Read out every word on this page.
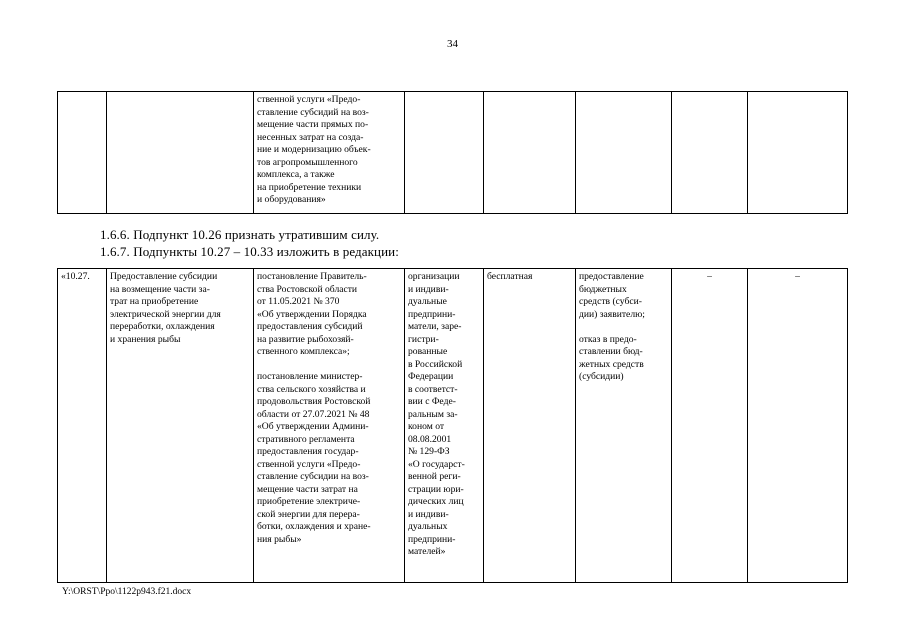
34
		ственной услуги «Предо-
ставление субсидий на воз-
мещение части прямых по-
несенных затрат на созда-
ние и модернизацию объек-
тов агропромышленного
комплекса, а также
на приобретение техники
и оборудования»					
1.6.6. Подпункт 10.26 признать утратившим силу.
1.6.7. Подпункты 10.27 – 10.33 изложить в редакции:
«10.27.	Предоставление субсидии
на возмещение части за-
трат на приобретение
электрической энергии для
переработки, охлаждения
и хранения рыбы	постановление Правитель-
ства Ростовской области
от 11.05.2021 № 370
«Об утверждении Порядка
предоставления субсидий
на развитие рыбохозяй-
ственного комплекса»;

постановление министер-
ства сельского хозяйства и
продовольствия Ростовской
области от 27.07.2021 № 48
«Об утверждении Админи-
стративного регламента
предоставления государ-
ственной услуги «Предо-
ставление субсидии на воз-
мещение части затрат на
приобретение электриче-
ской энергии для перера-
ботки, охлаждения и хране-
ния рыбы»	организации
и индиви-
дуальные
предприни-
матели, заре-
гистри-
рованные
в Российской
Федерации
в соответст-
вии с Феде-
ральным за-
коном от
08.08.2001
№ 129-ФЗ
«О государст-
венной реги-
страции юри-
дических лиц
и индиви-
дуальных
предприни-
мателей»	бесплатная	предоставление
бюджетных
средств (субси-
дии) заявителю;

отказ в предо-
ставлении бюд-
жетных средств
(субсидии)	–	–
Y:\ORST\Ppo\1122p943.f21.docx
